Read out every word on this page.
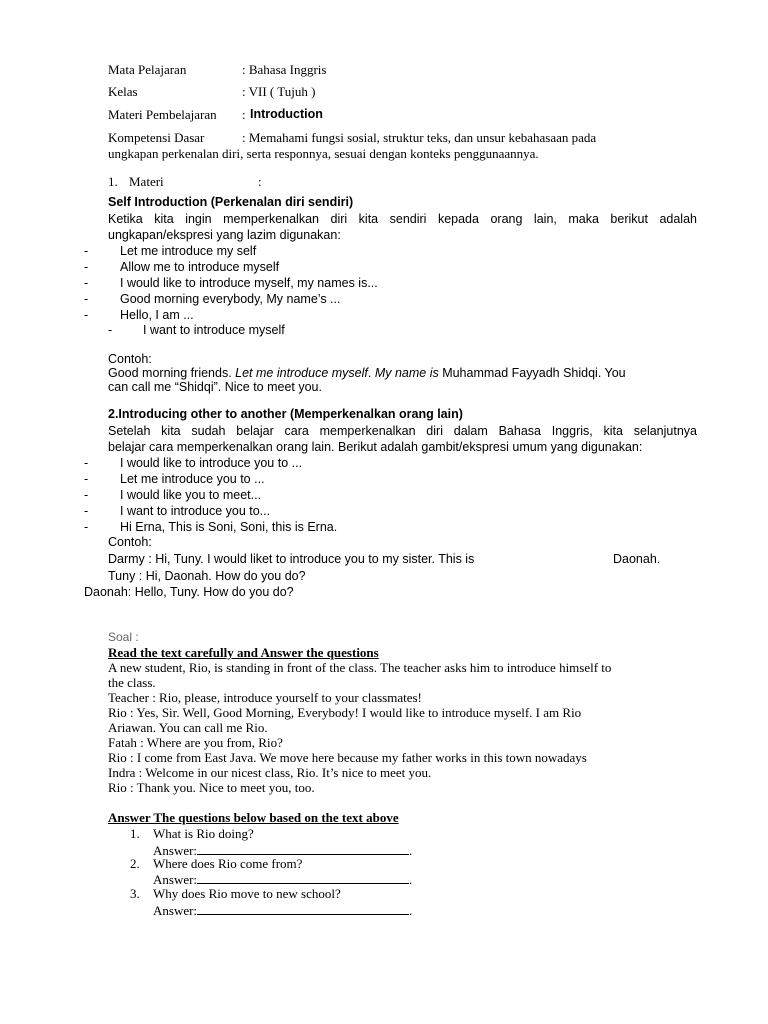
Mata Pelajaran	: Bahasa Inggris
Kelas	: VII ( Tujuh )
Materi Pembelajaran : Introduction
Kompetensi Dasar	: Memahami fungsi sosial, struktur teks, dan unsur kebahasaan pada
ungkapan perkenalan diri, serta responnya, sesuai dengan konteks penggunaannya.
1. Materi	:
Self Introduction (Perkenalan diri sendiri)
Ketika kita ingin memperkenalkan diri kita sendiri kepada orang lain, maka berikut adalah
ungkapan/ekspresi yang lazim digunakan:
-	Let me introduce my self
-	Allow me to introduce myself
-	I would like to introduce myself, my names is...
-	Good morning everybody, My name’s ...
-	Hello, I am ...
- I want to introduce myself
Contoh:
Good morning friends. Let me introduce myself. My name is Muhammad Fayyadh Shidqi. You
can call me “Shidqi”. Nice to meet you.
2.Introducing other to another (Memperkenalkan orang lain)
Setelah kita sudah belajar cara memperkenalkan diri dalam Bahasa Inggris, kita selanjutnya
belajar cara memperkenalkan orang lain. Berikut adalah gambit/ekspresi umum yang digunakan:
-	I would like to introduce you to ...
-	Let me introduce you to ...
-	I would like you to meet...
-	I want to introduce you to...
-	Hi Erna, This is Soni, Soni, this is Erna.
Contoh:
Darmy : Hi, Tuny. I would liket to introduce you to my sister. This is	Daonah.
Tuny : Hi, Daonah. How do you do?
Daonah: Hello, Tuny. How do you do?
Soal :
Read the text carefully and Answer the questions
A new student, Rio, is standing in front of the class. The teacher asks him to introduce himself to
the class.
Teacher : Rio, please, introduce yourself to your classmates!
Rio : Yes, Sir. Well, Good Morning, Everybody! I would like to introduce myself. I am Rio
Ariawan. You can call me Rio.
Fatah : Where are you from, Rio?
Rio : I come from East Java. We move here because my father works in this town nowadays
Indra : Welcome in our nicest class, Rio. It’s nice to meet you.
Rio : Thank you. Nice to meet you, too.
Answer The questions below based on the text above
1. What is Rio doing?
Answer:	.
2. Where does Rio come from?
Answer:	.
3. Why does Rio move to new school?
Answer:	.
